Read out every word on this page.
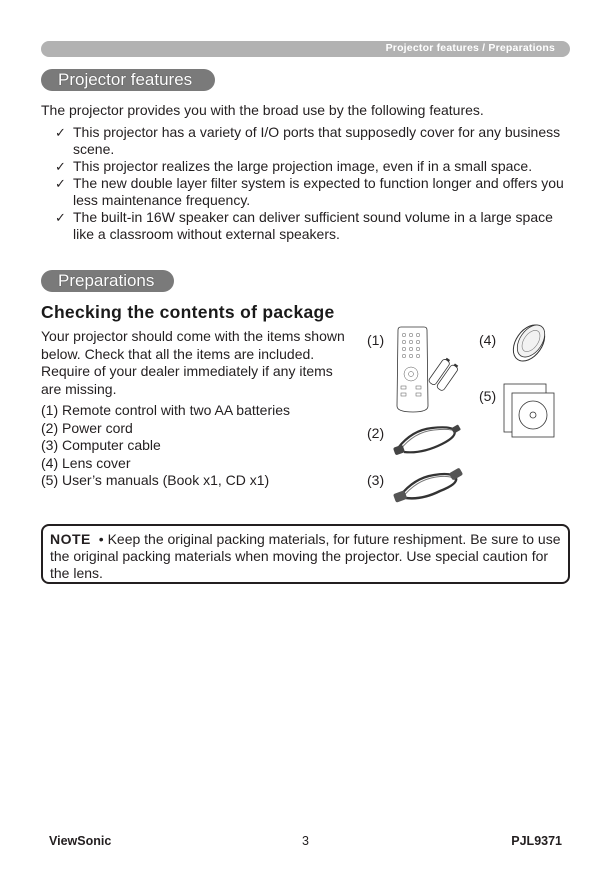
Projector features / Preparations
Projector features
The projector provides you with the broad use by the following features.
✓ This projector has a variety of I/O ports that supposedly cover for any business scene.
✓ This projector realizes the large projection image, even if in a small space.
✓ The new double layer filter system is expected to function longer and offers you less maintenance frequency.
✓ The built-in 16W speaker can deliver sufficient sound volume in a large space like a classroom without external speakers.
Preparations
Checking the contents of package
Your projector should come with the items shown below. Check that all the items are included. Require of your dealer immediately if any items are missing.
(1) Remote control with two AA batteries
(2) Power cord
(3) Computer cable
(4) Lens cover
(5) User’s manuals (Book x1, CD x1)
(1)
(2)
(3)
(4)
(5)
NOTE • Keep the original packing materials, for future reshipment. Be sure to use the original packing materials when moving the projector. Use special caution for the lens.
ViewSonic	3	PJL9371
